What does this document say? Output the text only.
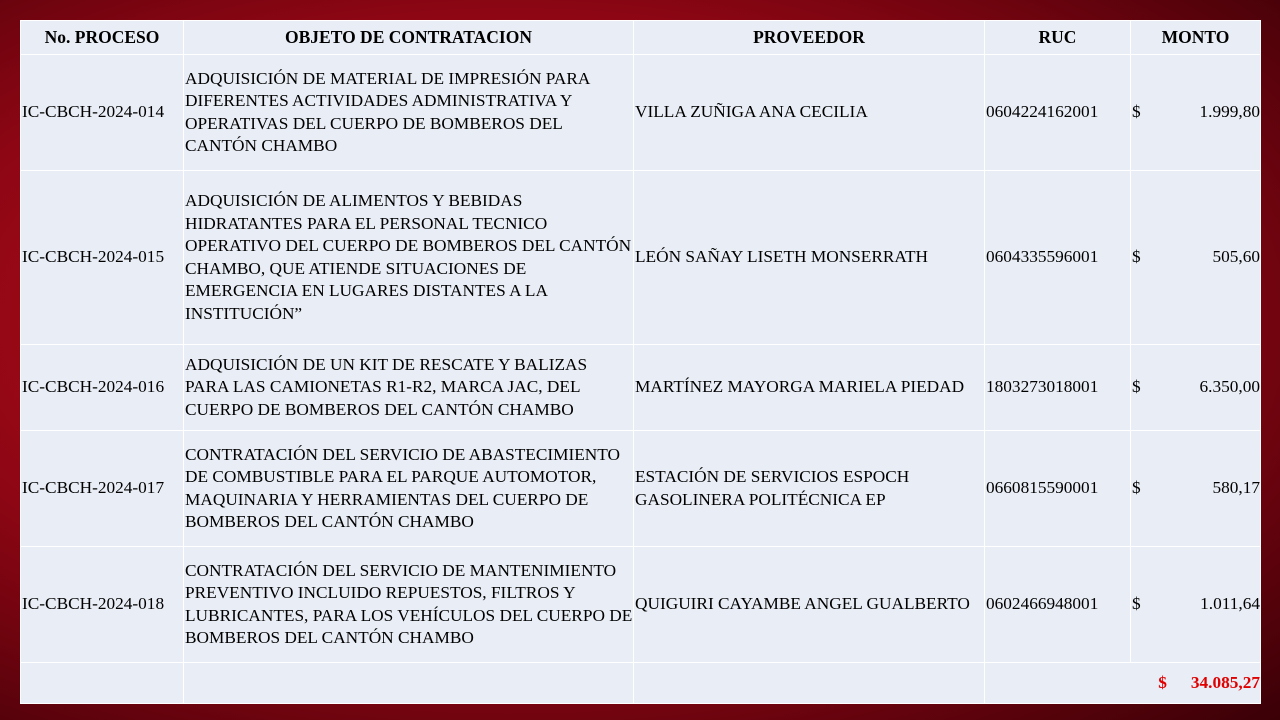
No. PROCESO	OBJETO DE CONTRATACION	PROVEEDOR	RUC	MONTO
IC-CBCH-2024-014	ADQUISICIÓN DE MATERIAL DE IMPRESIÓN PARA DIFERENTES ACTIVIDADES ADMINISTRATIVA Y OPERATIVAS DEL CUERPO DE BOMBEROS DEL CANTÓN CHAMBO	VILLA ZUÑIGA ANA CECILIA	0604224162001	$ 1.999,80

IC-CBCH-2024-015	ADQUISICIÓN DE ALIMENTOS Y BEBIDAS HIDRATANTES PARA EL PERSONAL TECNICO OPERATIVO DEL CUERPO DE BOMBEROS DEL CANTÓN CHAMBO, QUE ATIENDE SITUACIONES DE EMERGENCIA EN LUGARES DISTANTES A LA INSTITUCIÓN”	LEÓN SAÑAY LISETH MONSERRATH	0604335596001	$ 505,60

IC-CBCH-2024-016	ADQUISICIÓN DE UN KIT DE RESCATE Y BALIZAS PARA LAS CAMIONETAS R1-R2, MARCA JAC, DEL CUERPO DE BOMBEROS DEL CANTÓN CHAMBO	MARTÍNEZ MAYORGA MARIELA PIEDAD	1803273018001	$ 6.350,00

IC-CBCH-2024-017	CONTRATACIÓN DEL SERVICIO DE ABASTECIMIENTO DE COMBUSTIBLE PARA EL PARQUE AUTOMOTOR, MAQUINARIA Y HERRAMIENTAS DEL CUERPO DE BOMBEROS DEL CANTÓN CHAMBO	ESTACIÓN DE SERVICIOS ESPOCH GASOLINERA POLITÉCNICA EP	0660815590001	$ 580,17

IC-CBCH-2024-018	CONTRATACIÓN DEL SERVICIO DE MANTENIMIENTO PREVENTIVO INCLUIDO REPUESTOS, FILTROS Y LUBRICANTES, PARA LOS VEHÍCULOS DEL CUERPO DE BOMBEROS DEL CANTÓN CHAMBO	QUIGUIRI CAYAMBE ANGEL GUALBERTO	0602466948001	$ 1.011,64

			$ 34.085,27	
